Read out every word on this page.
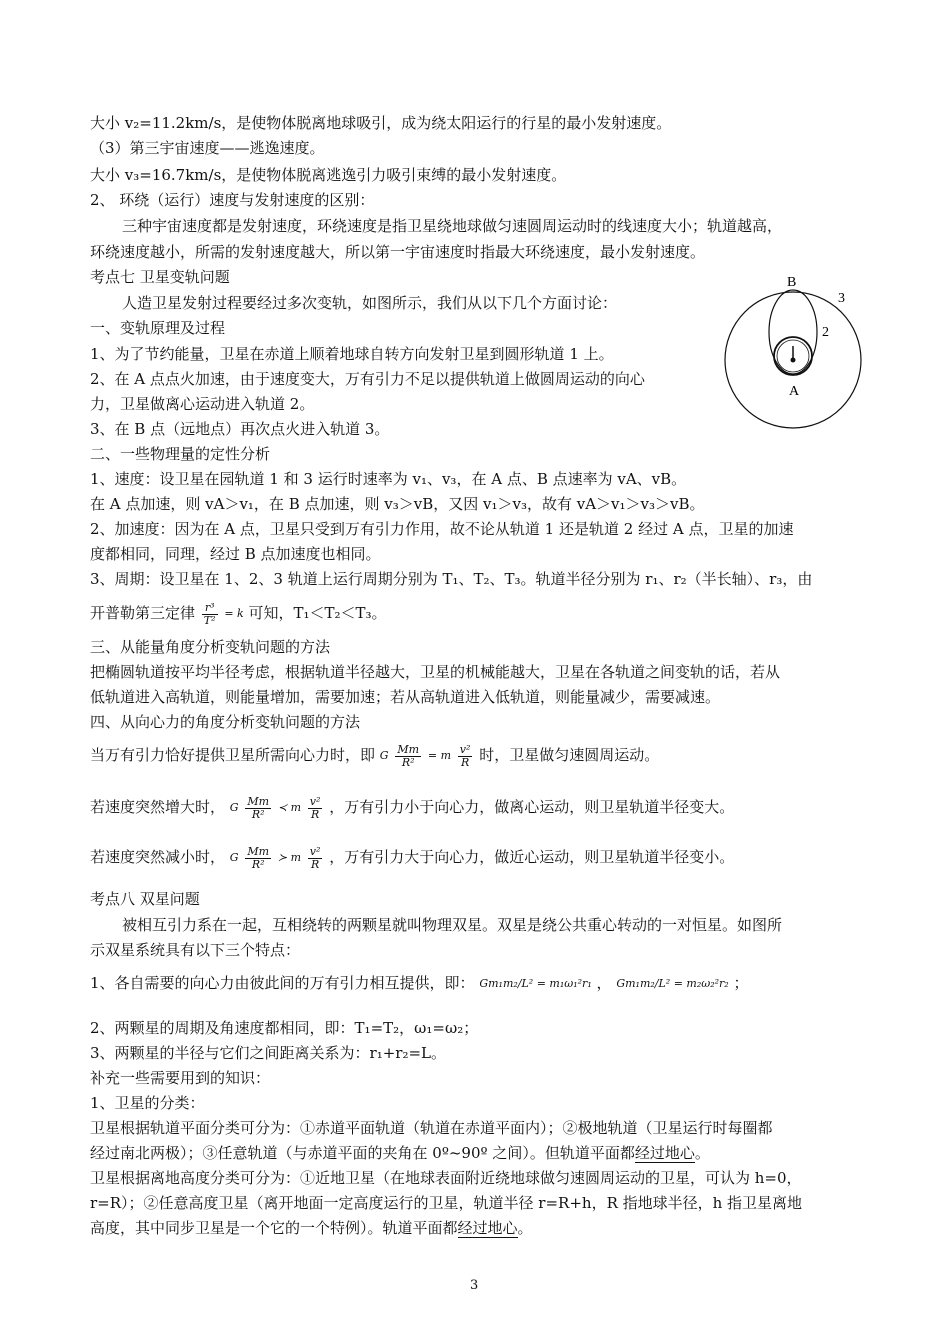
大小 v₂=11.2km/s，是使物体脱离地球吸引，成为绕太阳运行的行星的最小发射速度。
（3）第三宇宙速度——逃逸速度。
大小 v₃=16.7km/s，是使物体脱离逃逸引力吸引束缚的最小发射速度。
2、 环绕（运行）速度与发射速度的区别：
三种宇宙速度都是发射速度，环绕速度是指卫星绕地球做匀速圆周运动时的线速度大小；轨道越高，
环绕速度越小，所需的发射速度越大，所以第一宇宙速度时指最大环绕速度，最小发射速度。
考点七 卫星变轨问题
人造卫星发射过程要经过多次变轨，如图所示，我们从以下几个方面讨论：
一、变轨原理及过程
1、为了节约能量，卫星在赤道上顺着地球自转方向发射卫星到圆形轨道 1 上。
2、在 A 点点火加速，由于速度变大，万有引力不足以提供轨道上做圆周运动的向心
力，卫星做离心运动进入轨道 2。
3、在 B 点（远地点）再次点火进入轨道 3。
二、一些物理量的定性分析
1、速度：设卫星在园轨道 1 和 3 运行时速率为 v₁、v₃，在 A 点、B 点速率为 vA、vB。
在 A 点加速，则 vA＞v₁，在 B 点加速，则 v₃＞vB，又因 v₁＞v₃，故有 vA＞v₁＞v₃＞vB。
2、加速度：因为在 A 点，卫星只受到万有引力作用，故不论从轨道 1 还是轨道 2 经过 A 点，卫星的加速
度都相同，同理，经过 B 点加速度也相同。
3、周期：设卫星在 1、2、3 轨道上运行周期分别为 T₁、T₂、T₃。轨道半径分别为 r₁、r₂（半长轴）、r₃，由
开普勒第三定律 $\frac{\text{r³}}{\text{T²}} = k$ 可知，T₁＜T₂＜T₃。
三、从能量角度分析变轨问题的方法
把椭圆轨道按平均半径考虑，根据轨道半径越大，卫星的机械能越大，卫星在各轨道之间变轨的话，若从
低轨道进入高轨道，则能量增加，需要加速；若从高轨道进入低轨道，则能量减少，需要减速。
四、从向心力的角度分析变轨问题的方法
当万有引力恰好提供卫星所需向心力时，即 G $\frac{Mm}{\text{R²}} = m \frac{\text{v²}}{R}$ 时，卫星做匀速圆周运动。
若速度突然增大时， G $\frac{Mm}{\text{R²}}$ ≺ m $\frac{\text{v²}}{R}$ ，万有引力小于向心力，做离心运动，则卫星轨道半径变大。
若速度突然减小时， G $\frac{Mm}{\text{R²}}$ ≻ m $\frac{\text{v²}}{R}$ ，万有引力大于向心力，做近心运动，则卫星轨道半径变小。
考点八 双星问题
被相互引力系在一起，互相绕转的两颗星就叫物理双星。双星是绕公共重心转动的一对恒星。如图所
示双星系统具有以下三个特点：
1、各自需要的向心力由彼此间的万有引力相互提供，即： Gm₁m₂/L² = m₁ω₁²r₁ ， Gm₁m₂/L² = m₂ω₂²r₂ ；
2、两颗星的周期及角速度都相同，即：T₁=T₂，ω₁=ω₂；
3、两颗星的半径与它们之间距离关系为：r₁+r₂=L。
补充一些需要用到的知识：
1、卫星的分类：
卫星根据轨道平面分类可分为：①赤道平面轨道（轨道在赤道平面内）；②极地轨道（卫星运行时每圈都
经过南北两极）；③任意轨道（与赤道平面的夹角在 0º~90º 之间）。但轨道平面都经过地心。
卫星根据离地高度分类可分为：①近地卫星（在地球表面附近绕地球做匀速圆周运动的卫星，可认为 h=0，
r=R）；②任意高度卫星（离开地面一定高度运行的卫星，轨道半径 r=R+h，R 指地球半径，h 指卫星离地
高度，其中同步卫星是一个它的一个特例）。轨道平面都经过地心。
B
3
2
A
3
